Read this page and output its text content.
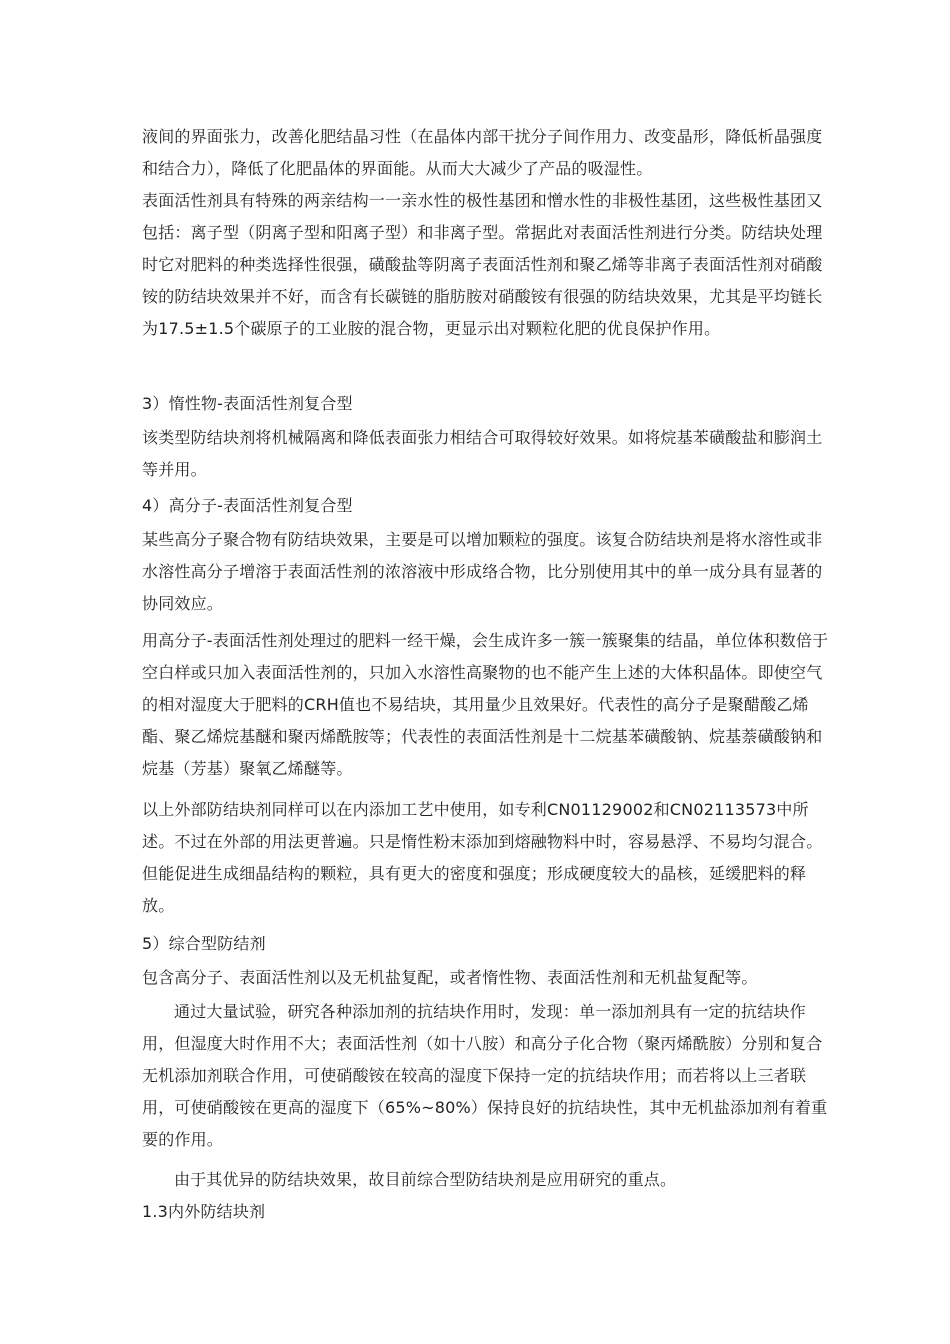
液间的界面张力，改善化肥结晶习性（在晶体内部干扰分子间作用力、改变晶形，降低析晶强度和结合力），降低了化肥晶体的界面能。从而大大减少了产品的吸湿性。

表面活性剂具有特殊的两亲结构一一亲水性的极性基团和憎水性的非极性基团，这些极性基团又包括：离子型（阴离子型和阳离子型）和非离子型。常据此对表面活性剂进行分类。防结块处理时它对肥料的种类选择性很强，磺酸盐等阴离子表面活性剂和聚乙烯等非离子表面活性剂对硝酸铵的防结块效果并不好，而含有长碳链的脂肪胺对硝酸铵有很强的防结块效果，尤其是平均链长为17.5±1.5个碳原子的工业胺的混合物，更显示出对颗粒化肥的优良保护作用。

3）惰性物-表面活性剂复合型

该类型防结块剂将机械隔离和降低表面张力相结合可取得较好效果。如将烷基苯磺酸盐和膨润土等并用。

4）高分子-表面活性剂复合型

某些高分子聚合物有防结块效果，主要是可以增加颗粒的强度。该复合防结块剂是将水溶性或非水溶性高分子增溶于表面活性剂的浓溶液中形成络合物，比分别使用其中的单一成分具有显著的协同效应。

用高分子-表面活性剂处理过的肥料一经干燥，会生成许多一簇一簇聚集的结晶，单位体积数倍于空白样或只加入表面活性剂的，只加入水溶性高聚物的也不能产生上述的大体积晶体。即使空气的相对湿度大于肥料的CRH值也不易结块，其用量少且效果好。代表性的高分子是聚醋酸乙烯酯、聚乙烯烷基醚和聚丙烯酰胺等；代表性的表面活性剂是十二烷基苯磺酸钠、烷基萘磺酸钠和烷基（芳基）聚氧乙烯醚等。

以上外部防结块剂同样可以在内添加工艺中使用，如专利CN01129002和CN02113573中所述。不过在外部的用法更普遍。只是惰性粉末添加到熔融物料中时，容易悬浮、不易均匀混合。但能促进生成细晶结构的颗粒，具有更大的密度和强度；形成硬度较大的晶核，延缓肥料的释放。

5）综合型防结剂

包含高分子、表面活性剂以及无机盐复配，或者惰性物、表面活性剂和无机盐复配等。

通过大量试验，研究各种添加剂的抗结块作用时，发现：单一添加剂具有一定的抗结块作用，但湿度大时作用不大；表面活性剂（如十八胺）和高分子化合物（聚丙烯酰胺）分别和复合无机添加剂联合作用，可使硝酸铵在较高的湿度下保持一定的抗结块作用；而若将以上三者联用，可使硝酸铵在更高的湿度下（65%~80%）保持良好的抗结块性，其中无机盐添加剂有着重要的作用。

由于其优异的防结块效果，故目前综合型防结块剂是应用研究的重点。

1.3内外防结块剂
